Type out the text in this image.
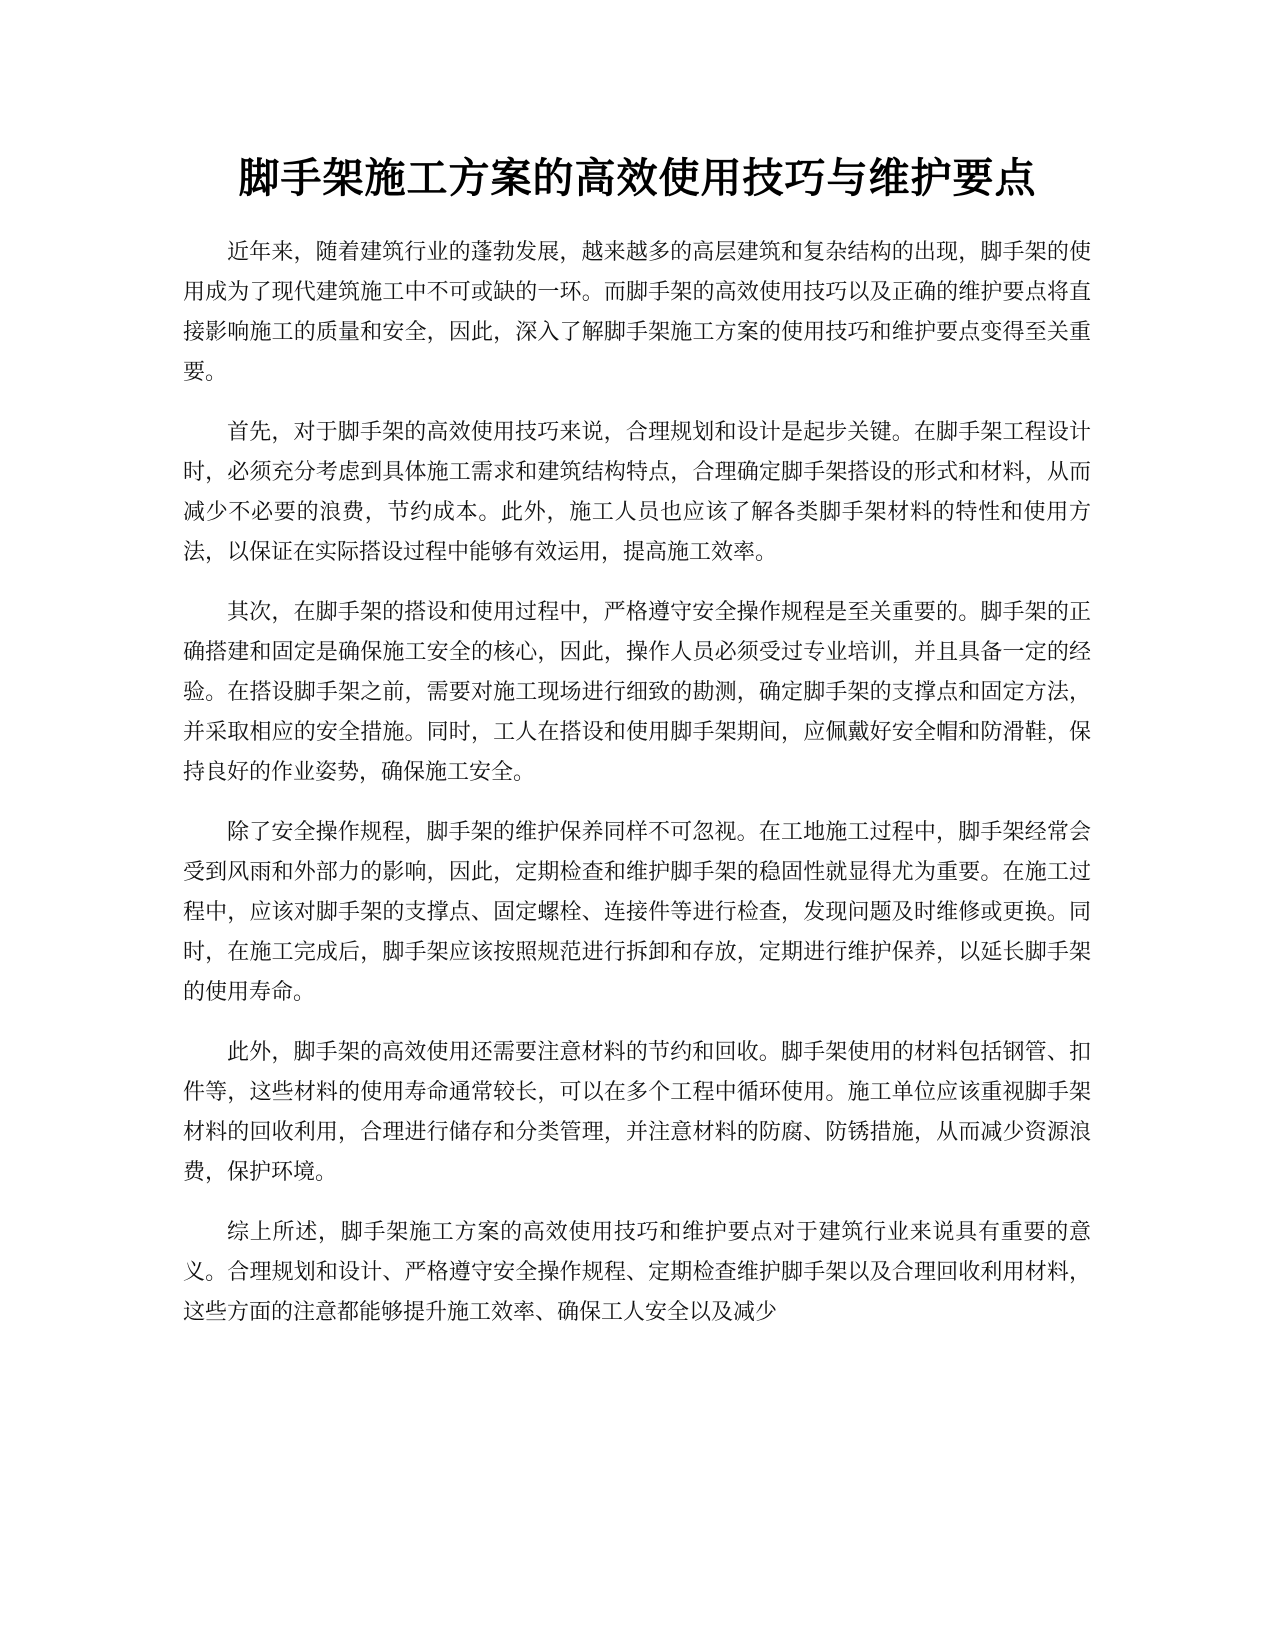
脚手架施工方案的高效使用技巧与维护要点

近年来，随着建筑行业的蓬勃发展，越来越多的高层建筑和复杂结构的出现，脚手架的使用成为了现代建筑施工中不可或缺的一环。而脚手架的高效使用技巧以及正确的维护要点将直接影响施工的质量和安全，因此，深入了解脚手架施工方案的使用技巧和维护要点变得至关重要。

首先，对于脚手架的高效使用技巧来说，合理规划和设计是起步关键。在脚手架工程设计时，必须充分考虑到具体施工需求和建筑结构特点，合理确定脚手架搭设的形式和材料，从而减少不必要的浪费，节约成本。此外，施工人员也应该了解各类脚手架材料的特性和使用方法，以保证在实际搭设过程中能够有效运用，提高施工效率。

其次，在脚手架的搭设和使用过程中，严格遵守安全操作规程是至关重要的。脚手架的正确搭建和固定是确保施工安全的核心，因此，操作人员必须受过专业培训，并且具备一定的经验。在搭设脚手架之前，需要对施工现场进行细致的勘测，确定脚手架的支撑点和固定方法，并采取相应的安全措施。同时，工人在搭设和使用脚手架期间，应佩戴好安全帽和防滑鞋，保持良好的作业姿势，确保施工安全。

除了安全操作规程，脚手架的维护保养同样不可忽视。在工地施工过程中，脚手架经常会受到风雨和外部力的影响，因此，定期检查和维护脚手架的稳固性就显得尤为重要。在施工过程中，应该对脚手架的支撑点、固定螺栓、连接件等进行检查，发现问题及时维修或更换。同时，在施工完成后，脚手架应该按照规范进行拆卸和存放，定期进行维护保养，以延长脚手架的使用寿命。

此外，脚手架的高效使用还需要注意材料的节约和回收。脚手架使用的材料包括钢管、扣件等，这些材料的使用寿命通常较长，可以在多个工程中循环使用。施工单位应该重视脚手架材料的回收利用，合理进行储存和分类管理，并注意材料的防腐、防锈措施，从而减少资源浪费，保护环境。

综上所述，脚手架施工方案的高效使用技巧和维护要点对于建筑行业来说具有重要的意义。合理规划和设计、严格遵守安全操作规程、定期检查维护脚手架以及合理回收利用材料，这些方面的注意都能够提升施工效率、确保工人安全以及减少
